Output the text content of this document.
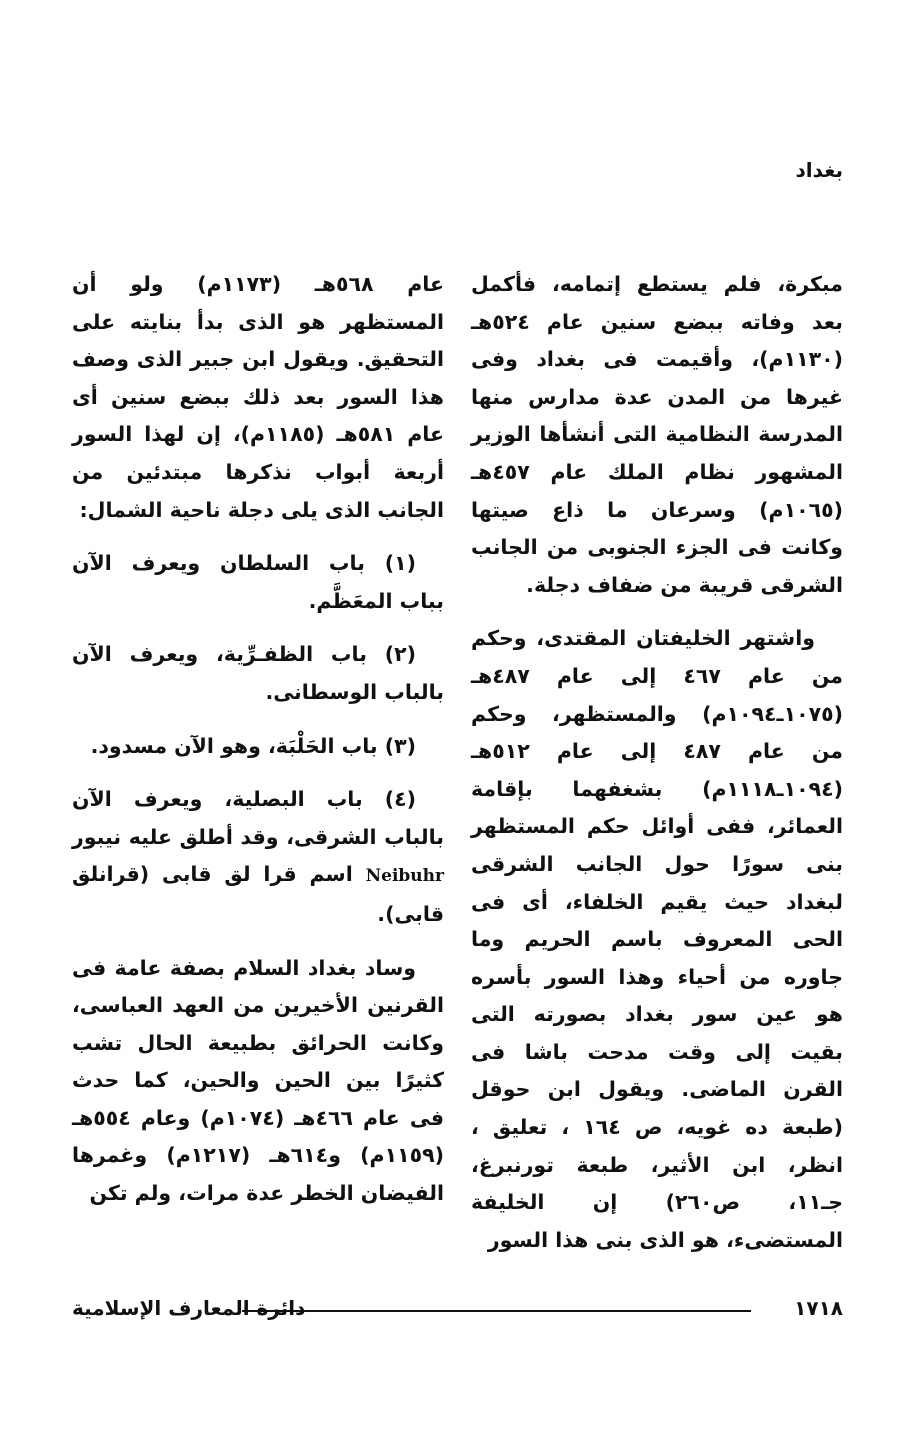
بغداد

مبكرة، فلم يستطع إتمامه، فأكمل بعد وفاته ببضع سنين عام ٥٢٤هـ (١١٣٠م)، وأقيمت فى بغداد وفى غيرها من المدن عدة مدارس منها المدرسة النظامية التى أنشأها الوزير المشهور نظام الملك عام ٤٥٧هـ (١٠٦٥م) وسرعان ما ذاع صيتها وكانت فى الجزء الجنوبى من الجانب الشرقى قريبة من ضفاف دجلة.

واشتهر الخليفتان المقتدى، وحكم من عام ٤٦٧ إلى عام ٤٨٧هـ (١٠٧٥ـ١٠٩٤م) والمستظهر، وحكم من عام ٤٨٧ إلى عام ٥١٢هـ (١٠٩٤ـ١١١٨م) بشغفهما بإقامة العمائر، ففى أوائل حكم المستظهر بنى سورًا حول الجانب الشرقى لبغداد حيث يقيم الخلفاء، أى فى الحى المعروف باسم الحريم وما جاوره من أحياء وهذا السور بأسره هو عين سور بغداد بصورته التى بقيت إلى وقت مدحت باشا فى القرن الماضى. ويقول ابن حوقل (طبعة ده غويه، ص ١٦٤ ، تعليق ، انظر، ابن الأثير، طبعة تورنبرغ، جـ١١، ص٢٦٠) إن الخليفة المستضىء، هو الذى بنى هذا السور

عام ٥٦٨هـ (١١٧٣م) ولو أن المستظهر هو الذى بدأ بنايته على التحقيق. ويقول ابن جبير الذى وصف هذا السور بعد ذلك ببضع سنين أى عام ٥٨١هـ (١١٨٥م)، إن لهذا السور أربعة أبواب نذكرها مبتدئين من الجانب الذى يلى دجلة ناحية الشمال:

(١) باب السلطان ويعرف الآن بباب المعَظَّم.

(٢) باب الظفـرِّية، ويعرف الآن بالباب الوسطانى.

(٣) باب الحَلْبَة، وهو الآن مسدود.

(٤) باب البصلية، ويعرف الآن بالباب الشرقى، وقد أطلق عليه نيبور Neibuhr اسم قرا لق قابى (قرانلق قابى).

وساد بغداد السلام بصفة عامة فى القرنين الأخيرين من العهد العباسى، وكانت الحرائق بطبيعة الحال تشب كثيرًا بين الحين والحين، كما حدث فى عام ٤٦٦هـ (١٠٧٤م) وعام ٥٥٤هـ (١١٥٩م) و٦١٤هـ (١٢١٧م) وغمرها الفيضان الخطر عدة مرات، ولم تكن

١٧١٨
دائرة المعارف الإسلامية
